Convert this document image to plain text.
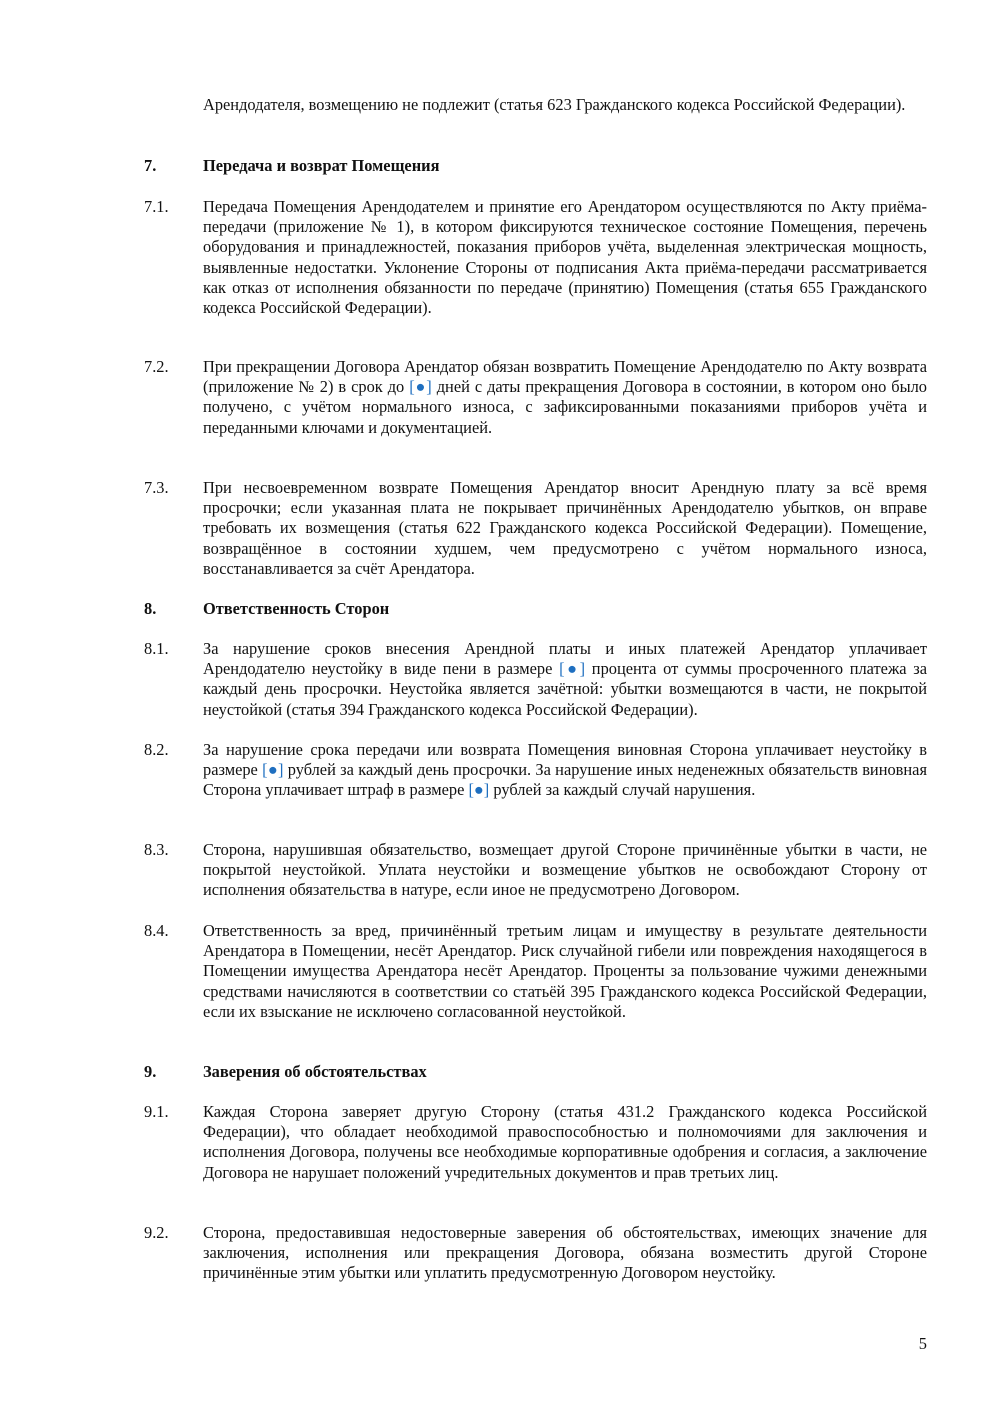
Арендодателя, возмещению не подлежит (статья 623 Гражданского кодекса Российской Федерации).
7.	Передача и возврат Помещения
7.1.	Передача Помещения Арендодателем и принятие его Арендатором осуществляются по Акту приёма-передачи (приложение № 1), в котором фиксируются техническое состояние Помещения, перечень оборудования и принадлежностей, показания приборов учёта, выделенная электрическая мощность, выявленные недостатки. Уклонение Стороны от подписания Акта приёма-передачи рассматривается как отказ от исполнения обязанности по передаче (принятию) Помещения (статья 655 Гражданского кодекса Российской Федерации).
7.2.	При прекращении Договора Арендатор обязан возвратить Помещение Арендодателю по Акту возврата (приложение № 2) в срок до [●] дней с даты прекращения Договора в состоянии, в котором оно было получено, с учётом нормального износа, с зафиксированными показаниями приборов учёта и переданными ключами и документацией.
7.3.	При несвоевременном возврате Помещения Арендатор вносит Арендную плату за всё время просрочки; если указанная плата не покрывает причинённых Арендодателю убытков, он вправе требовать их возмещения (статья 622 Гражданского кодекса Российской Федерации). Помещение, возвращённое в состоянии худшем, чем предусмотрено с учётом нормального износа, восстанавливается за счёт Арендатора.
8.	Ответственность Сторон
8.1.	За нарушение сроков внесения Арендной платы и иных платежей Арендатор уплачивает Арендодателю неустойку в виде пени в размере [●] процента от суммы просроченного платежа за каждый день просрочки. Неустойка является зачётной: убытки возмещаются в части, не покрытой неустойкой (статья 394 Гражданского кодекса Российской Федерации).
8.2.	За нарушение срока передачи или возврата Помещения виновная Сторона уплачивает неустойку в размере [●] рублей за каждый день просрочки. За нарушение иных неденежных обязательств виновная Сторона уплачивает штраф в размере [●] рублей за каждый случай нарушения.
8.3.	Сторона, нарушившая обязательство, возмещает другой Стороне причинённые убытки в части, не покрытой неустойкой. Уплата неустойки и возмещение убытков не освобождают Сторону от исполнения обязательства в натуре, если иное не предусмотрено Договором.
8.4.	Ответственность за вред, причинённый третьим лицам и имуществу в результате деятельности Арендатора в Помещении, несёт Арендатор. Риск случайной гибели или повреждения находящегося в Помещении имущества Арендатора несёт Арендатор. Проценты за пользование чужими денежными средствами начисляются в соответствии со статьёй 395 Гражданского кодекса Российской Федерации, если их взыскание не исключено согласованной неустойкой.
9.	Заверения об обстоятельствах
9.1.	Каждая Сторона заверяет другую Сторону (статья 431.2 Гражданского кодекса Российской Федерации), что обладает необходимой правоспособностью и полномочиями для заключения и исполнения Договора, получены все необходимые корпоративные одобрения и согласия, а заключение Договора не нарушает положений учредительных документов и прав третьих лиц.
9.2.	Сторона, предоставившая недостоверные заверения об обстоятельствах, имеющих значение для заключения, исполнения или прекращения Договора, обязана возместить другой Стороне причинённые этим убытки или уплатить предусмотренную Договором неустойку.
5
